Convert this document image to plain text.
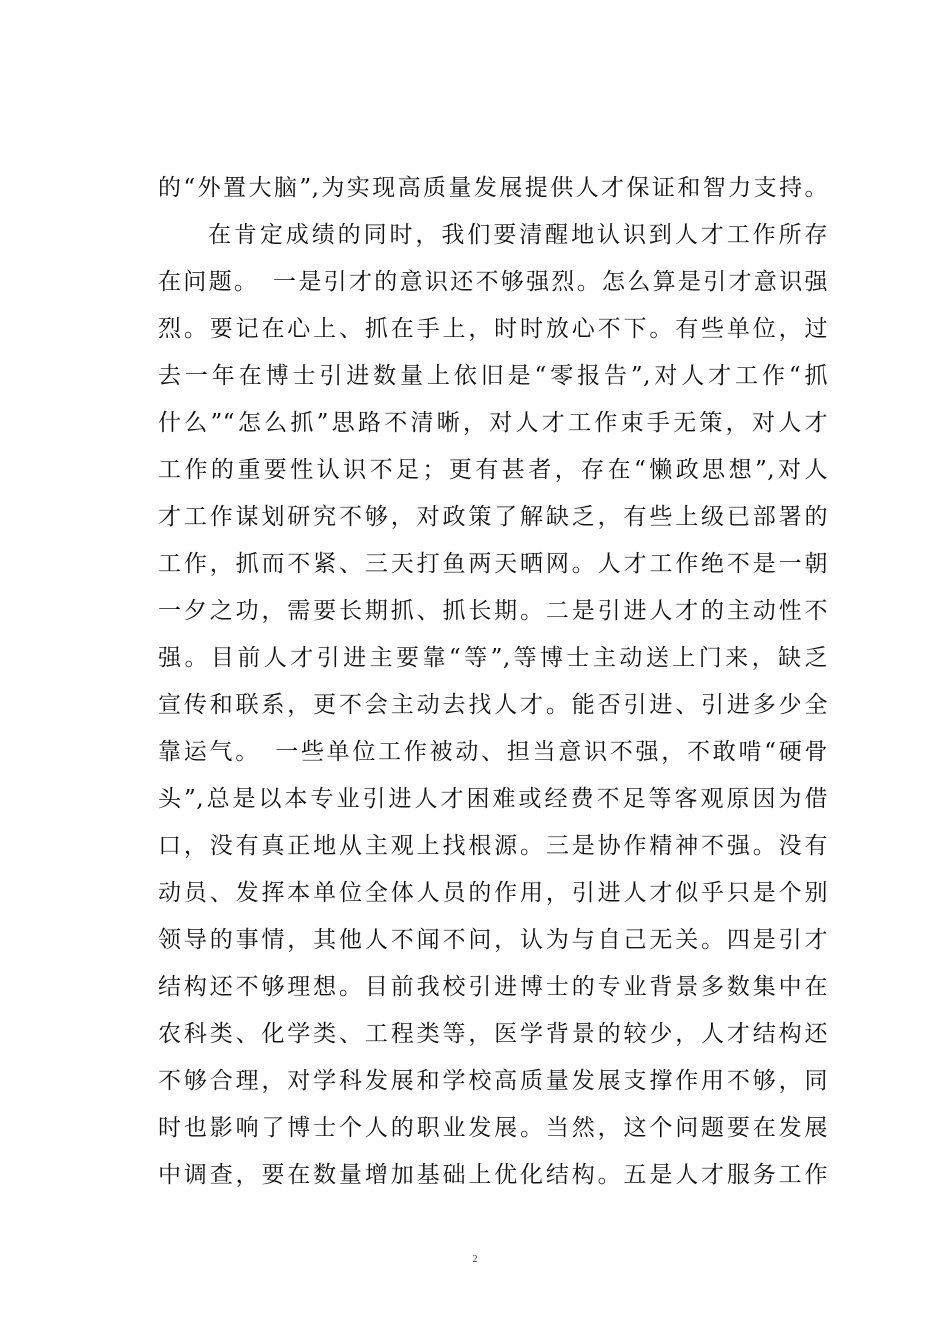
的“外置大脑”,为实现高质量发展提供人才保证和智力支持。
在肯定成绩的同时，我们要清醒地认识到人才工作所存
在问题。　一是引才的意识还不够强烈。怎么算是引才意识强
烈。要记在心上、抓在手上，时时放心不下。有些单位，过
去一年在博士引进数量上依旧是“零报告”,对人才工作“抓
什么”“怎么抓”思路不清晰，对人才工作束手无策，对人才
工作的重要性认识不足；更有甚者，存在“懒政思想”,对人
才工作谋划研究不够，对政策了解缺乏，有些上级已部署的
工作，抓而不紧、三天打鱼两天晒网。人才工作绝不是一朝
一夕之功，需要长期抓、抓长期。二是引进人才的主动性不
强。目前人才引进主要靠“等”,等博士主动送上门来，缺乏
宣传和联系，更不会主动去找人才。能否引进、引进多少全
靠运气。　一些单位工作被动、担当意识不强，不敢啃“硬骨
头”,总是以本专业引进人才困难或经费不足等客观原因为借
口，没有真正地从主观上找根源。三是协作精神不强。没有
动员、发挥本单位全体人员的作用，引进人才似乎只是个别
领导的事情，其他人不闻不问，认为与自己无关。四是引才
结构还不够理想。目前我校引进博士的专业背景多数集中在
农科类、化学类、工程类等，医学背景的较少，人才结构还
不够合理，对学科发展和学校高质量发展支撑作用不够，同
时也影响了博士个人的职业发展。当然，这个问题要在发展
中调查，要在数量增加基础上优化结构。五是人才服务工作
2
